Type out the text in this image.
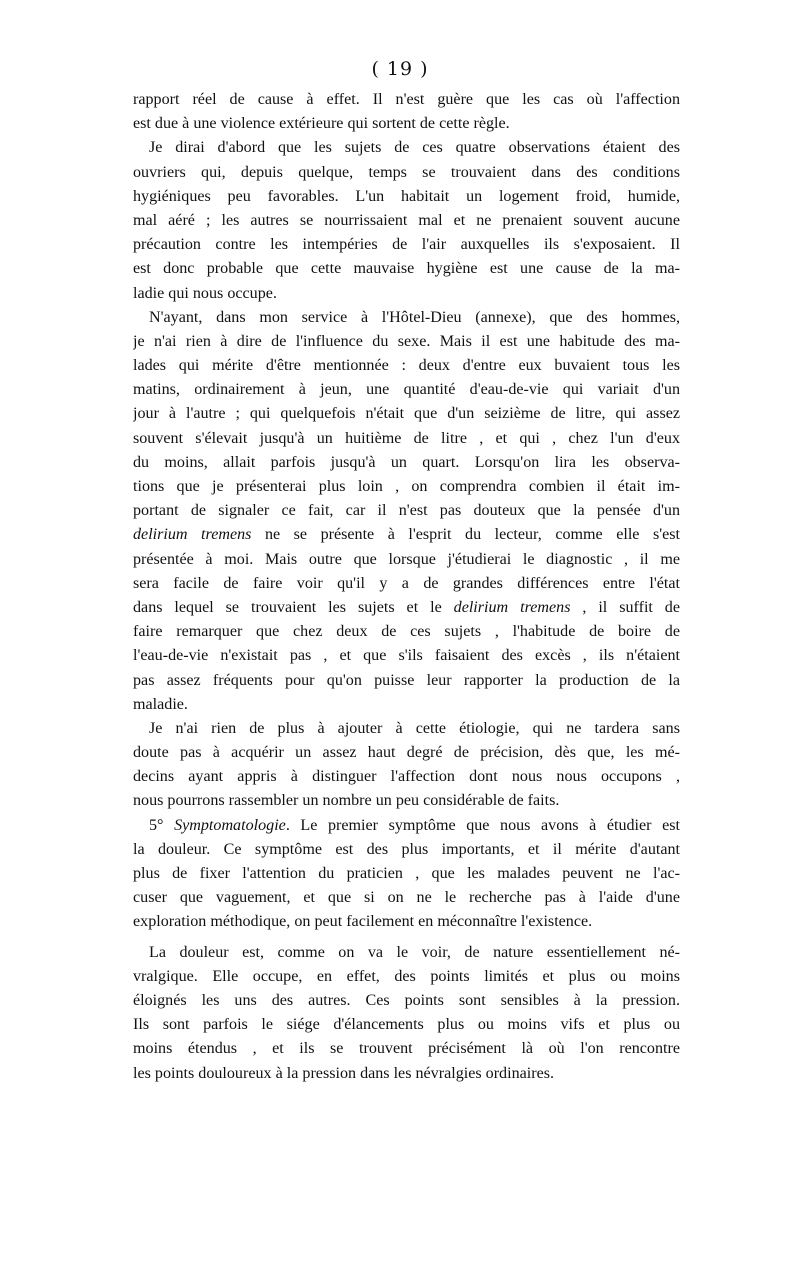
( 19 )
rapport réel de cause à effet. Il n'est guère que les cas où l'affection
est due à une violence extérieure qui sortent de cette règle.
Je dirai d'abord que les sujets de ces quatre observations étaient des
ouvriers qui, depuis quelque, temps se trouvaient dans des conditions
hygiéniques peu favorables. L'un habitait un logement froid, humide,
mal aéré ; les autres se nourrissaient mal et ne prenaient souvent aucune
précaution contre les intempéries de l'air auxquelles ils s'exposaient. Il
est donc probable que cette mauvaise hygiène est une cause de la ma-
ladie qui nous occupe.
N'ayant, dans mon service à l'Hôtel-Dieu (annexe), que des hommes,
je n'ai rien à dire de l'influence du sexe. Mais il est une habitude des ma-
lades qui mérite d'être mentionnée : deux d'entre eux buvaient tous les
matins, ordinairement à jeun, une quantité d'eau-de-vie qui variait d'un
jour à l'autre ; qui quelquefois n'était que d'un seizième de litre, qui assez
souvent s'élevait jusqu'à un huitième de litre , et qui , chez l'un d'eux
du moins, allait parfois jusqu'à un quart. Lorsqu'on lira les observa-
tions que je présenterai plus loin , on comprendra combien il était im-
portant de signaler ce fait, car il n'est pas douteux que la pensée d'un
delirium tremens ne se présente à l'esprit du lecteur, comme elle s'est
présentée à moi. Mais outre que lorsque j'étudierai le diagnostic , il me
sera facile de faire voir qu'il y a de grandes différences entre l'état
dans lequel se trouvaient les sujets et le delirium tremens , il suffit de
faire remarquer que chez deux de ces sujets , l'habitude de boire de
l'eau-de-vie n'existait pas , et que s'ils faisaient des excès , ils n'étaient
pas assez fréquents pour qu'on puisse leur rapporter la production de la
maladie.
Je n'ai rien de plus à ajouter à cette étiologie, qui ne tardera sans
doute pas à acquérir un assez haut degré de précision, dès que, les mé-
decins ayant appris à distinguer l'affection dont nous nous occupons ,
nous pourrons rassembler un nombre un peu considérable de faits.
5° Symptomatologie. Le premier symptôme que nous avons à étudier est
la douleur. Ce symptôme est des plus importants, et il mérite d'autant
plus de fixer l'attention du praticien , que les malades peuvent ne l'ac-
cuser que vaguement, et que si on ne le recherche pas à l'aide d'une
exploration méthodique, on peut facilement en méconnaître l'existence.
La douleur est, comme on va le voir, de nature essentiellement né-
vralgique. Elle occupe, en effet, des points limités et plus ou moins
éloignés les uns des autres. Ces points sont sensibles à la pression.
Ils sont parfois le siége d'élancements plus ou moins vifs et plus ou
moins étendus , et ils se trouvent précisément là où l'on rencontre
les points douloureux à la pression dans les névralgies ordinaires.
